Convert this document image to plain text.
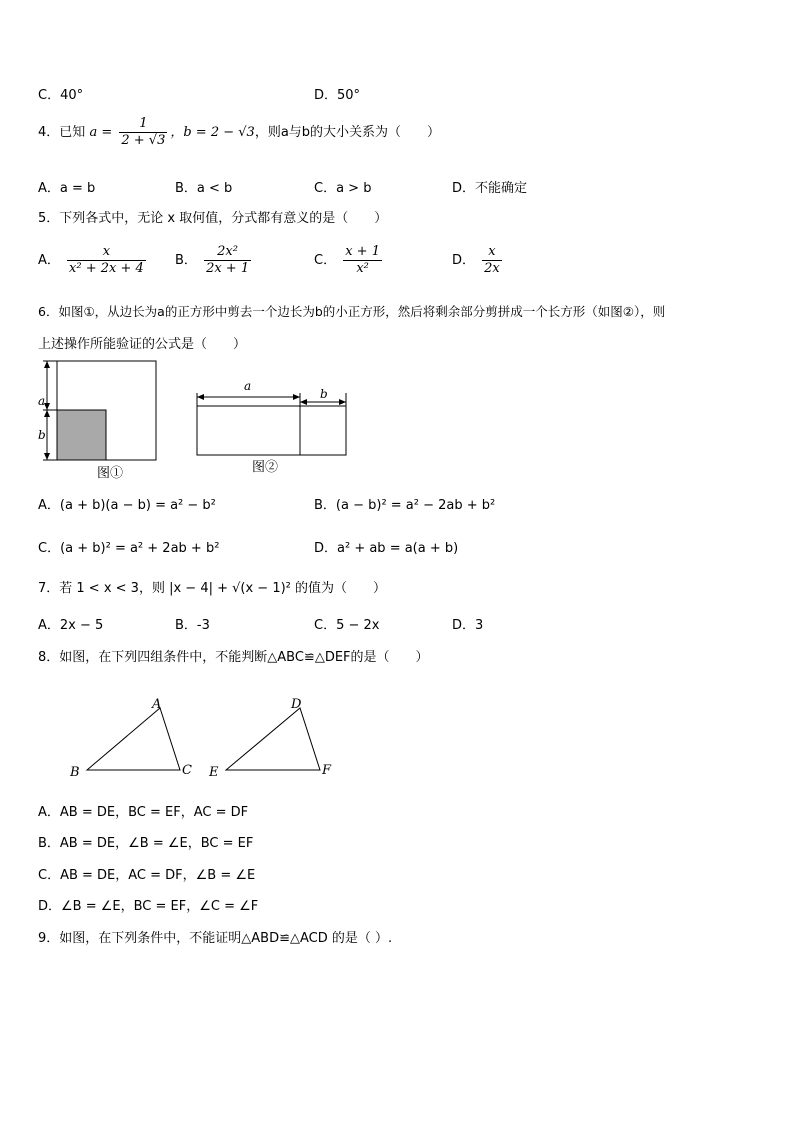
C．40°	D．50°
4．已知 $a = \frac{1}{2 + √3}$ ，b = 2 − √3，则a与b的大小关系为（　　）
A．a = b	B．a < b	C．a > b	D．不能确定
5．下列各式中，无论 x 取何值，分式都有意义的是（　　）
A． $\frac{x}{\text{x² + 2x + 4}}$ B． $\frac{\text{2x²}}{2x + 1}$	C． $\frac{x + 1}{\text{x²}}$	D． $\frac{x}{2x}$
6．如图①，从边长为a的正方形中剪去一个边长为b的小正方形，然后将剩余部分剪拼成一个长方形（如图②），则
上述操作所能验证的公式是（　　）
a
b
图①
a
b
图②
A．(a + b)(a − b) = a² − b²	B．(a − b)² = a² − 2ab + b²
C．(a + b)² = a² + 2ab + b²	D．a² + ab = a(a + b)
7．若 1 < x < 3，则 |x − 4| + √(x − 1)² 的值为（　　）
A．2x − 5	B．-3	C．5 − 2x	D．3
8．如图，在下列四组条件中，不能判断△ABC≌△DEF的是（　　）
A
B	C
D
E	F
A．AB = DE，BC = EF，AC = DF
B．AB = DE，∠B = ∠E，BC = EF
C．AB = DE，AC = DF，∠B = ∠E
D．∠B = ∠E，BC = EF，∠C = ∠F
9．如图，在下列条件中，不能证明△ABD≌△ACD 的是（ ）.
